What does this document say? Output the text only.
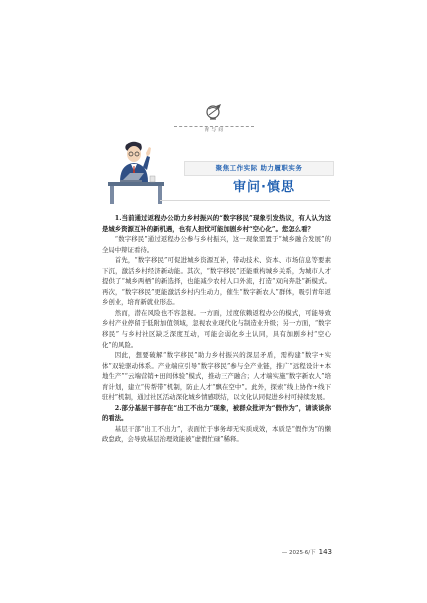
青 与 问
聚焦工作实际 助力履职实务
审问·慎思

1.当前通过返程办公助力乡村振兴的“数字移民”现象引发热议，有人认为这是城乡资源互补的新机遇，也有人担忧可能加剧乡村“空心化”。您怎么看？

“数字移民”通过返程办公参与乡村振兴，这一现象需置于“城乡融合发展”的全局中辩证看待。

首先，“数字移民”可促进城乡资源互补，带动技术、资本、市场信息等要素下沉，激活乡村经济新动能。其次，“数字移民”还能重构城乡关系，为城市人才提供了“城乡两栖”的新选择，也能减少农村人口外流，打造“双向奔赴”新模式。再次，“数字移民”更能激活乡村内生动力，催生“数字新农人”群体，吸引青年返乡创业，培育新就业形态。

然而，潜在风险也不容忽视。一方面，过度依赖返程办公的模式，可能导致乡村产业停留于低附加值领域，忽视农业现代化与制造业升级；另一方面，“数字移民” 与乡村社区缺乏深度互动，可能会弱化乡土认同，具有加剧乡村“空心化”的风险。

因此，想要破解“数字移民”助力乡村振兴的深层矛盾，需构建“数字+实体”双轮驱动体系。产业端应引导“数字移民”参与全产业链，推广“远程设计+本地生产”“云端营销+田间体验”模式，推动三产融合；人才端实施“数字新农人”培育计划，建立“传帮带”机制，防止人才“飘在空中”。此外，探索“线上协作+线下驻村”机制，通过社区活动深化城乡情感联结，以文化认同促进乡村可持续发展。

2.部分基层干部存在“出工不出力”现象，被群众批评为“假作为”，请谈谈你的看法。

基层干部“出工不出力”，表面忙于事务却无实质成效，本质是“假作为”的懒政怠政，会导致基层治理效能被“虚假忙碌”稀释。

— 2025·6/下 143
